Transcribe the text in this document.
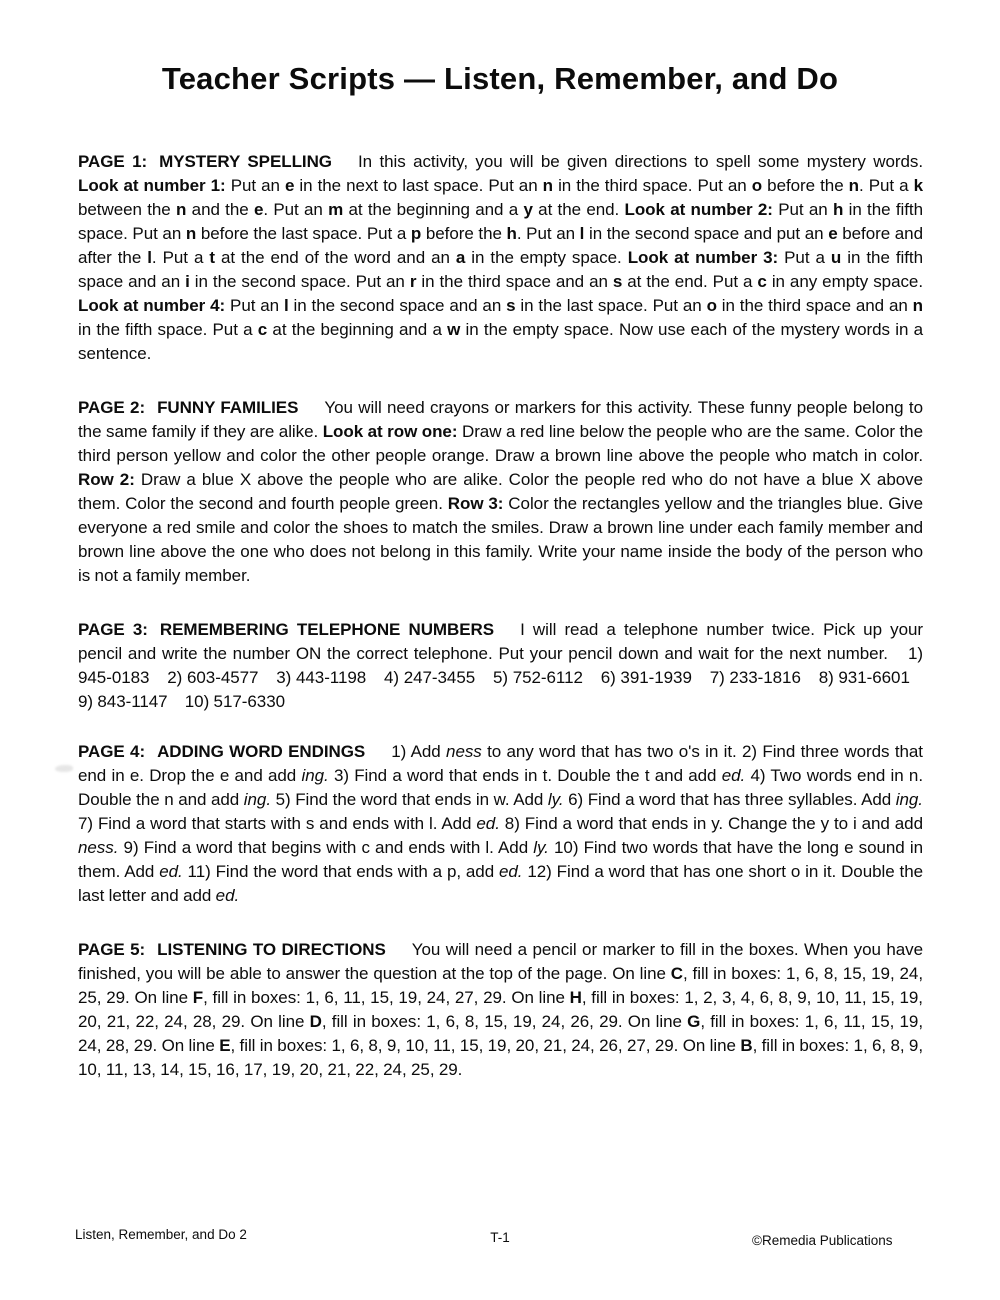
Teacher Scripts — Listen, Remember, and Do

PAGE 1: MYSTERY SPELLING In this activity, you will be given directions to spell some mystery words. Look at number 1: Put an e in the next to last space. Put an n in the third space. Put an o before the n. Put a k between the n and the e. Put an m at the beginning and a y at the end. Look at number 2: Put an h in the fifth space. Put an n before the last space. Put a p before the h. Put an l in the second space and put an e before and after the l. Put a t at the end of the word and an a in the empty space. Look at number 3: Put a u in the fifth space and an i in the second space. Put an r in the third space and an s at the end. Put a c in any empty space. Look at number 4: Put an l in the second space and an s in the last space. Put an o in the third space and an n in the fifth space. Put a c at the beginning and a w in the empty space. Now use each of the mystery words in a sentence.

PAGE 2: FUNNY FAMILIES You will need crayons or markers for this activity. These funny people belong to the same family if they are alike. Look at row one: Draw a red line below the people who are the same. Color the third person yellow and color the other people orange. Draw a brown line above the people who match in color. Row 2: Draw a blue X above the people who are alike. Color the people red who do not have a blue X above them. Color the second and fourth people green. Row 3: Color the rectangles yellow and the triangles blue. Give everyone a red smile and color the shoes to match the smiles. Draw a brown line under each family member and brown line above the one who does not belong in this family. Write your name inside the body of the person who is not a family member.

PAGE 3: REMEMBERING TELEPHONE NUMBERS I will read a telephone number twice. Pick up your pencil and write the number ON the correct telephone. Put your pencil down and wait for the next number.   1) 945-0183   2) 603-4577   3) 443-1198   4) 247-3455   5) 752-6112   6) 391-1939   7) 233-1816   8) 931-6601   9) 843-1147   10) 517-6330

PAGE 4: ADDING WORD ENDINGS 1) Add ness to any word that has two o's in it. 2) Find three words that end in e. Drop the e and add ing. 3) Find a word that ends in t. Double the t and add ed. 4) Two words end in n. Double the n and add ing. 5) Find the word that ends in w. Add ly. 6) Find a word that has three syllables. Add ing. 7) Find a word that starts with s and ends with l. Add ed. 8) Find a word that ends in y. Change the y to i and add ness. 9) Find a word that begins with c and ends with l. Add ly. 10) Find two words that have the long e sound in them. Add ed. 11) Find the word that ends with a p, add ed. 12) Find a word that has one short o in it. Double the last letter and add ed.

PAGE 5: LISTENING TO DIRECTIONS You will need a pencil or marker to fill in the boxes. When you have finished, you will be able to answer the question at the top of the page. On line C, fill in boxes: 1, 6, 8, 15, 19, 24, 25, 29. On line F, fill in boxes: 1, 6, 11, 15, 19, 24, 27, 29. On line H, fill in boxes: 1, 2, 3, 4, 6, 8, 9, 10, 11, 15, 19, 20, 21, 22, 24, 28, 29. On line D, fill in boxes: 1, 6, 8, 15, 19, 24, 26, 29. On line G, fill in boxes: 1, 6, 11, 15, 19, 24, 28, 29. On line E, fill in boxes: 1, 6, 8, 9, 10, 11, 15, 19, 20, 21, 24, 26, 27, 29. On line B, fill in boxes: 1, 6, 8, 9, 10, 11, 13, 14, 15, 16, 17, 19, 20, 21, 22, 24, 25, 29.

Listen, Remember, and Do 2	T-1	©Remedia Publications
